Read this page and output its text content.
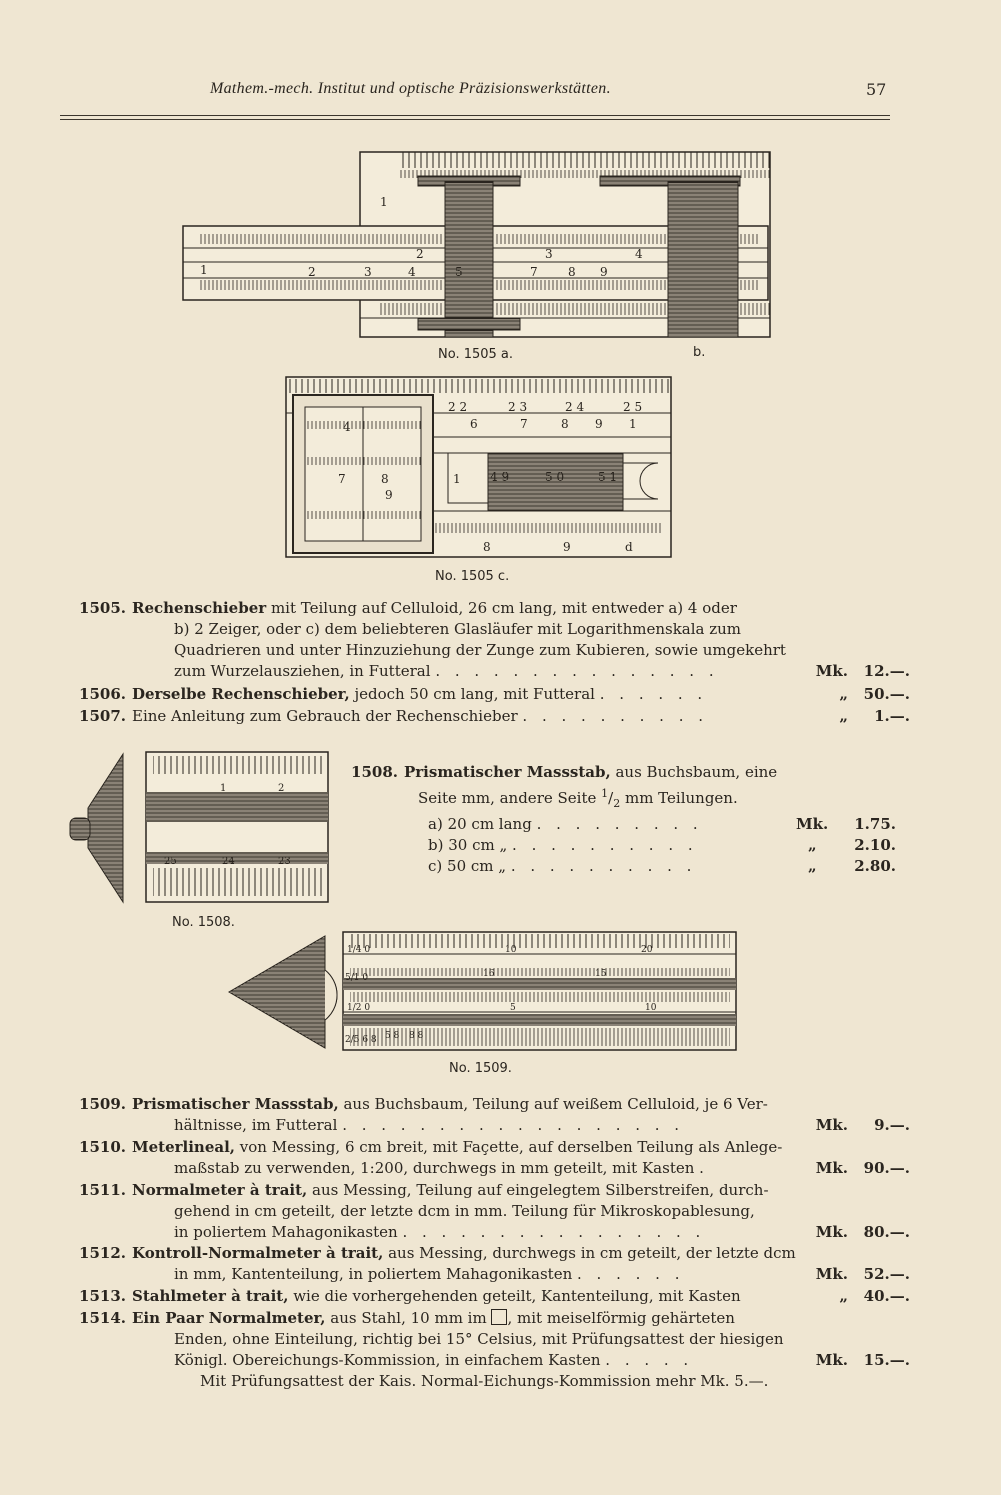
Mathem.-mech. Institut und optische Präzisionswerkstätten.	57
1
2	3	4
1	2	3	4	5	7	8 9
No. 1505 a.	b.
2 2	2 3	2 4	2 5
6	7	8 9 1
4 9	5 0	5 1
4
1
7	8
9
8	9	d
No. 1505 c.
1505. Rechenschieber mit Teilung auf Celluloid, 26 cm lang, mit entweder a) 4 oder
b) 2 Zeiger, oder c) dem beliebteren Glasläufer mit Logarithmenskala zum
Quadrieren und unter Hinzuziehung der Zunge zum Kubieren, sowie umgekehrt
zum Wurzelausziehen, in Futteral . . . . . . . . . . . . . . .	Mk.	12.—.
1506. Derselbe Rechenschieber, jedoch 50 cm lang, mit Futteral . . . . . .	„	50.—.
1507. Eine Anleitung zum Gebrauch der Rechenschieber . . . . . . . . . .	„	1.—.
1	2
25	24	23
No. 1508.
1508. Prismatischer Massstab, aus Buchsbaum, eine
Seite mm, andere Seite $^1/_2$ mm Teilungen.
a) 20 cm lang . . . . . . . . .	Mk.	1.75.
b) 30 cm „ . . . . . . . . . .	„	2.10.
c) 50 cm „ . . . . . . . . . .	„	2.80.
1/4 0	10	20
5/1 0	16	15
1/2 0	5	10
2/5 6 8 5 8 8 8
No. 1509.
1509. Prismatischer Massstab, aus Buchsbaum, Teilung auf weißem Celluloid, je 6 Ver-
hältnisse, im Futteral . . . . . . . . . . . . . . . . . .	Mk.	9.—.
1510. Meterlineal, von Messing, 6 cm breit, mit Façette, auf derselben Teilung als Anlege-
maßstab zu verwenden, 1:200, durchwegs in mm geteilt, mit Kasten .	Mk.	90.—.
1511. Normalmeter à trait, aus Messing, Teilung auf eingelegtem Silberstreifen, durch-
gehend in cm geteilt, der letzte dcm in mm. Teilung für Mikroskopablesung,
in poliertem Mahagonikasten . . . . . . . . . . . . . . . .	Mk.	80.—.
1512. Kontroll-Normalmeter à trait, aus Messing, durchwegs in cm geteilt, der letzte dcm
in mm, Kantenteilung, in poliertem Mahagonikasten . . . . . .	Mk.	52.—.
1513. Stahlmeter à trait, wie die vorhergehenden geteilt, Kantenteilung, mit Kasten	„	40.—.
1514. Ein Paar Normalmeter, aus Stahl, 10 mm im , mit meiselförmig gehärteten
Enden, ohne Einteilung, richtig bei 15° Celsius, mit Prüfungsattest der hiesigen
Königl. Obereichungs-Kommission, in einfachem Kasten . . . . .	Mk.	15.—.
Mit Prüfungsattest der Kais. Normal-Eichungs-Kommission mehr Mk. 5.—.
